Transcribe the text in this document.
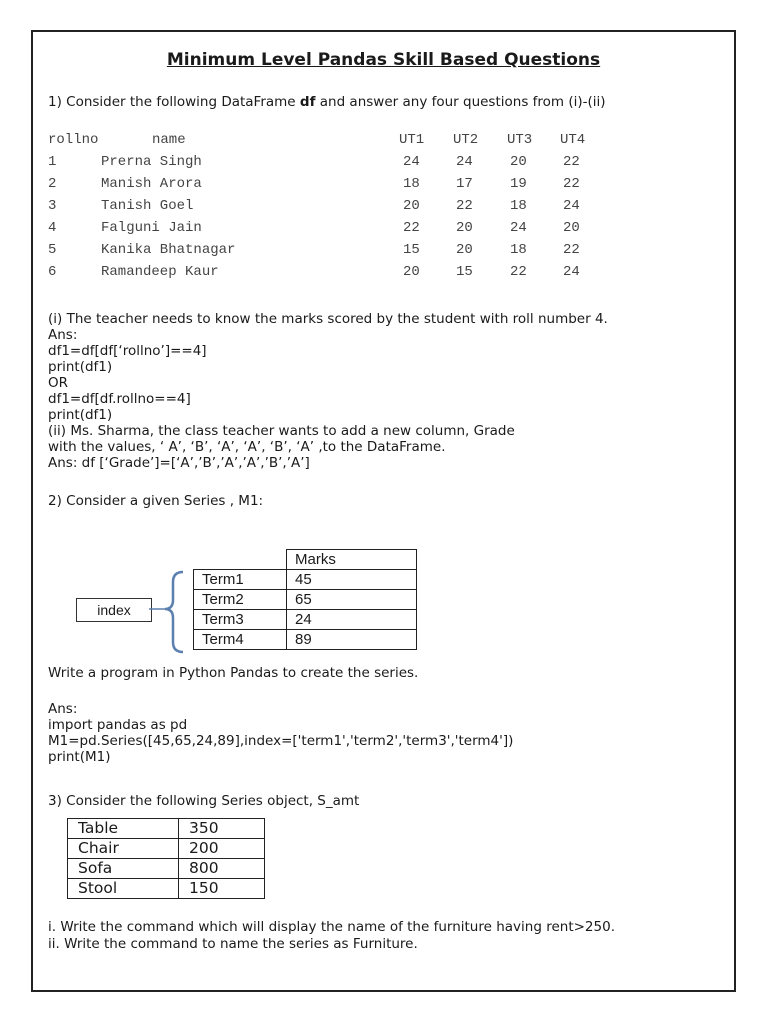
Minimum Level Pandas Skill Based Questions
1) Consider the following DataFrame df and answer any four questions from (i)-(ii)
rollno	name	UT1 UT2 UT3 UT4
1	Prerna Singh	24	24	20	22
2	Manish Arora	18	17	19	22
3	Tanish Goel	20	22	18	24
4	Falguni Jain	22	20	24	20
5	Kanika Bhatnagar	15	20	18	22
6	Ramandeep Kaur	20	15	22	24
(i) The teacher needs to know the marks scored by the student with roll number 4.
Ans:
df1=df[df[‘rollno’]==4]
print(df1)
OR
df1=df[df.rollno==4]
print(df1)
(ii) Ms. Sharma, the class teacher wants to add a new column, Grade
with the values, ‘ A’, ‘B’, ‘A’, ‘A’, ‘B’, ‘A’ ,to the DataFrame.
Ans: df [‘Grade’]=[‘A’,’B’,’A’,’A’,’B’,’A’]
2) Consider a given Series , M1:
index
	Marks
Term1	45
Term2	65
Term3	24
Term4	89
Write a program in Python Pandas to create the series.
Ans:
import pandas as pd
M1=pd.Series([45,65,24,89],index=['term1','term2','term3','term4'])
print(M1)
3) Consider the following Series object, S_amt
Table	350
Chair	200
Sofa	800
Stool	150
i. Write the command which will display the name of the furniture having rent>250.
ii. Write the command to name the series as Furniture.
